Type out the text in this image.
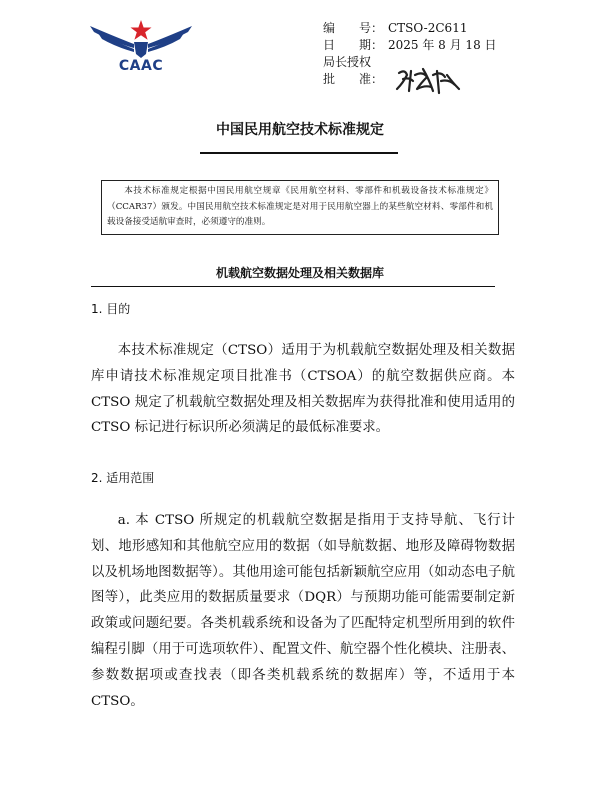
CAAC
编　　号： CTSO-2C611
日　　期： 2025 年 8 月 18 日
局长授权
批　　准：
中国民用航空技术标准规定
本技术标准规定根据中国民用航空规章《民用航空材料、零部件和机载设备技术标准规定》（CCAR37）颁发。中国民用航空技术标准规定是对用于民用航空器上的某些航空材料、零部件和机载设备接受适航审查时，必须遵守的准则。
机载航空数据处理及相关数据库
1. 目的
本技术标准规定（CTSO）适用于为机载航空数据处理及相关数据库申请技术标准规定项目批准书（CTSOA）的航空数据供应商。本 CTSO 规定了机载航空数据处理及相关数据库为获得批准和使用适用的 CTSO 标记进行标识所必须满足的最低标准要求。
2. 适用范围
a. 本 CTSO 所规定的机载航空数据是指用于支持导航、飞行计划、地形感知和其他航空应用的数据（如导航数据、地形及障碍物数据以及机场地图数据等）。其他用途可能包括新颖航空应用（如动态电子航图等），此类应用的数据质量要求（DQR）与预期功能可能需要制定新政策或问题纪要。各类机载系统和设备为了匹配特定机型所用到的软件编程引脚（用于可选项软件）、配置文件、航空器个性化模块、注册表、参数数据项或查找表（即各类机载系统的数据库）等，不适用于本 CTSO。
